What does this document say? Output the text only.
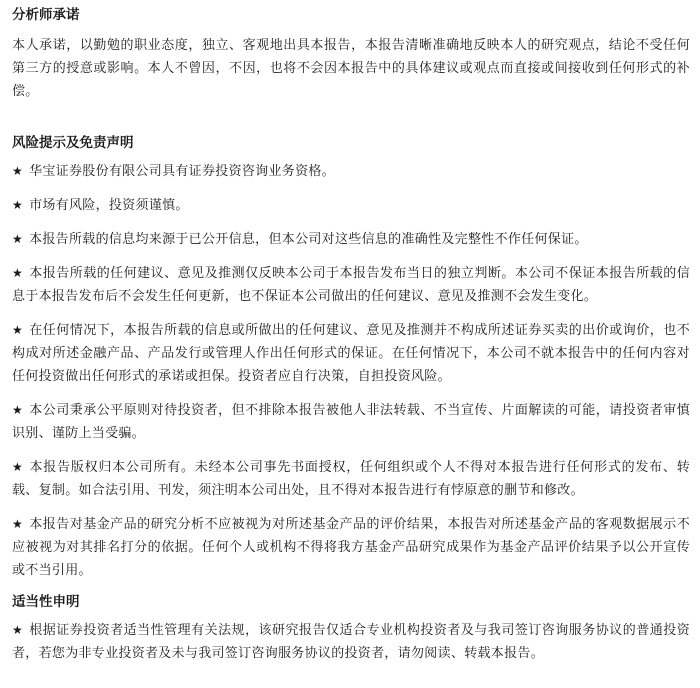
分析师承诺

本人承诺，以勤勉的职业态度，独立、客观地出具本报告，本报告清晰准确地反映本人的研究观点，结论不受任何第三方的授意或影响。本人不曾因，不因，也将不会因本报告中的具体建议或观点而直接或间接收到任何形式的补偿。

风险提示及免责声明

★ 华宝证券股份有限公司具有证券投资咨询业务资格。

★ 市场有风险，投资须谨慎。

★ 本报告所载的信息均来源于已公开信息，但本公司对这些信息的准确性及完整性不作任何保证。

★ 本报告所载的任何建议、意见及推测仅反映本公司于本报告发布当日的独立判断。本公司不保证本报告所载的信息于本报告发布后不会发生任何更新，也不保证本公司做出的任何建议、意见及推测不会发生变化。

★ 在任何情况下，本报告所载的信息或所做出的任何建议、意见及推测并不构成所述证券买卖的出价或询价，也不构成对所述金融产品、产品发行或管理人作出任何形式的保证。在任何情况下，本公司不就本报告中的任何内容对任何投资做出任何形式的承诺或担保。投资者应自行决策，自担投资风险。

★ 本公司秉承公平原则对待投资者，但不排除本报告被他人非法转载、不当宣传、片面解读的可能，请投资者审慎识别、谨防上当受骗。

★ 本报告版权归本公司所有。未经本公司事先书面授权，任何组织或个人不得对本报告进行任何形式的发布、转载、复制。如合法引用、刊发，须注明本公司出处，且不得对本报告进行有悖原意的删节和修改。

★ 本报告对基金产品的研究分析不应被视为对所述基金产品的评价结果，本报告对所述基金产品的客观数据展示不应被视为对其排名打分的依据。任何个人或机构不得将我方基金产品研究成果作为基金产品评价结果予以公开宣传或不当引用。

适当性申明

★ 根据证券投资者适当性管理有关法规，该研究报告仅适合专业机构投资者及与我司签订咨询服务协议的普通投资者，若您为非专业投资者及未与我司签订咨询服务协议的投资者，请勿阅读、转载本报告。
